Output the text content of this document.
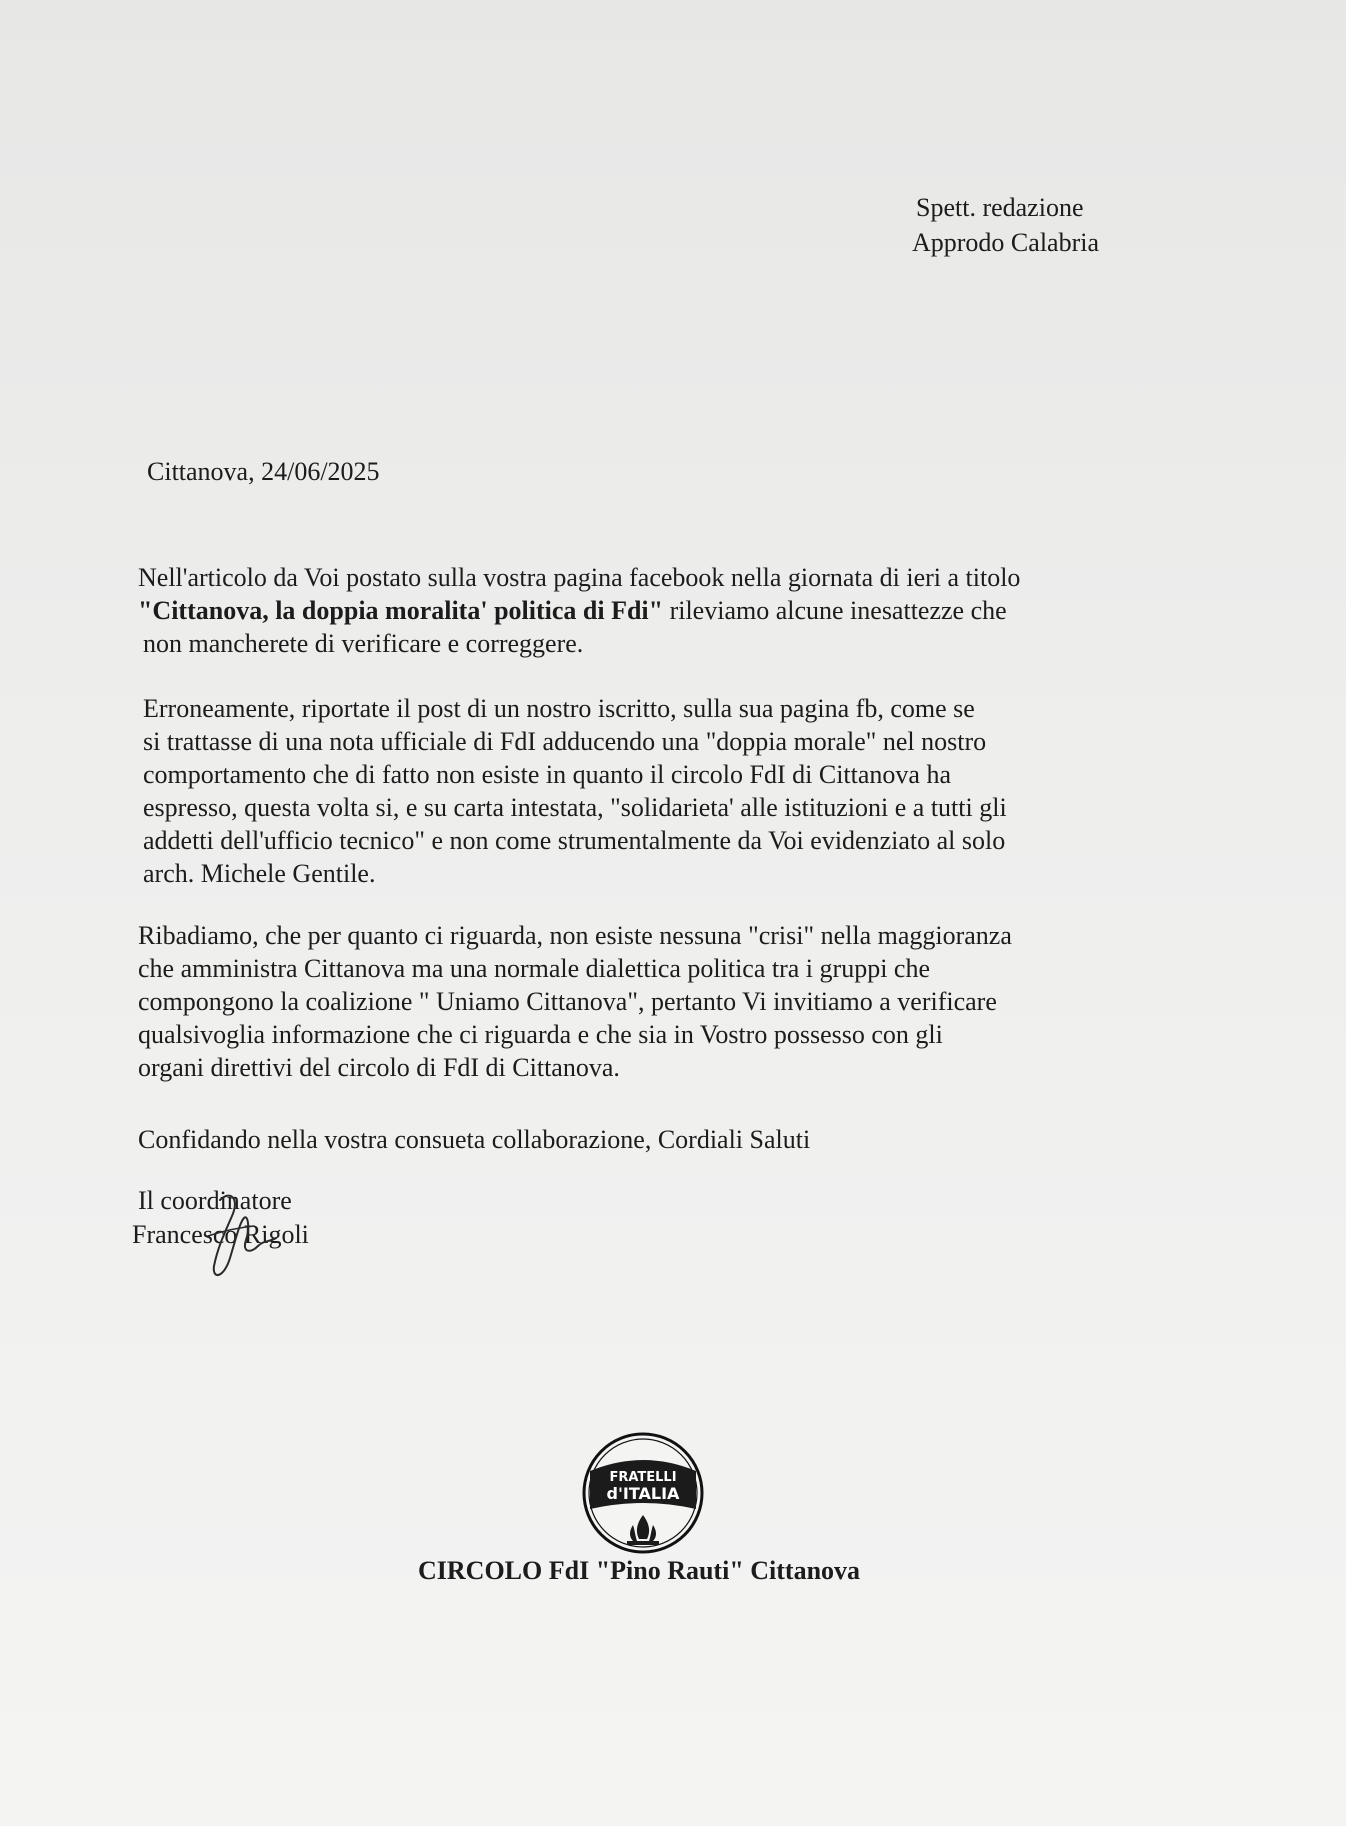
Spett. redazione

Approdo Calabria
Cittanova, 24/06/2025
Nell'articolo da Voi postato sulla vostra pagina facebook nella giornata di ieri a titolo
"Cittanova, la doppia moralita' politica di Fdi" rileviamo alcune inesattezze che
non mancherete di verificare e correggere.
Erroneamente, riportate il post di un nostro iscritto, sulla sua pagina fb, come se
si trattasse di una nota ufficiale di FdI adducendo una "doppia morale" nel nostro
comportamento che di fatto non esiste in quanto il circolo FdI di Cittanova ha
espresso, questa volta si, e su carta intestata, "solidarieta' alle istituzioni e a tutti gli
addetti dell'ufficio tecnico" e non come strumentalmente da Voi evidenziato al solo
arch. Michele Gentile.
Ribadiamo, che per quanto ci riguarda, non esiste nessuna "crisi" nella maggioranza
che amministra Cittanova ma una normale dialettica politica tra i gruppi che
compongono la coalizione " Uniamo Cittanova", pertanto Vi invitiamo a verificare
qualsivoglia informazione che ci riguarda e che sia in Vostro possesso con gli
organi direttivi del circolo di FdI di Cittanova.
Confidando nella vostra consueta collaborazione, Cordiali Saluti
Il coordinatore

Francesco Rigoli
FRATELLI
d'ITALIA
CIRCOLO FdI "Pino Rauti" Cittanova
